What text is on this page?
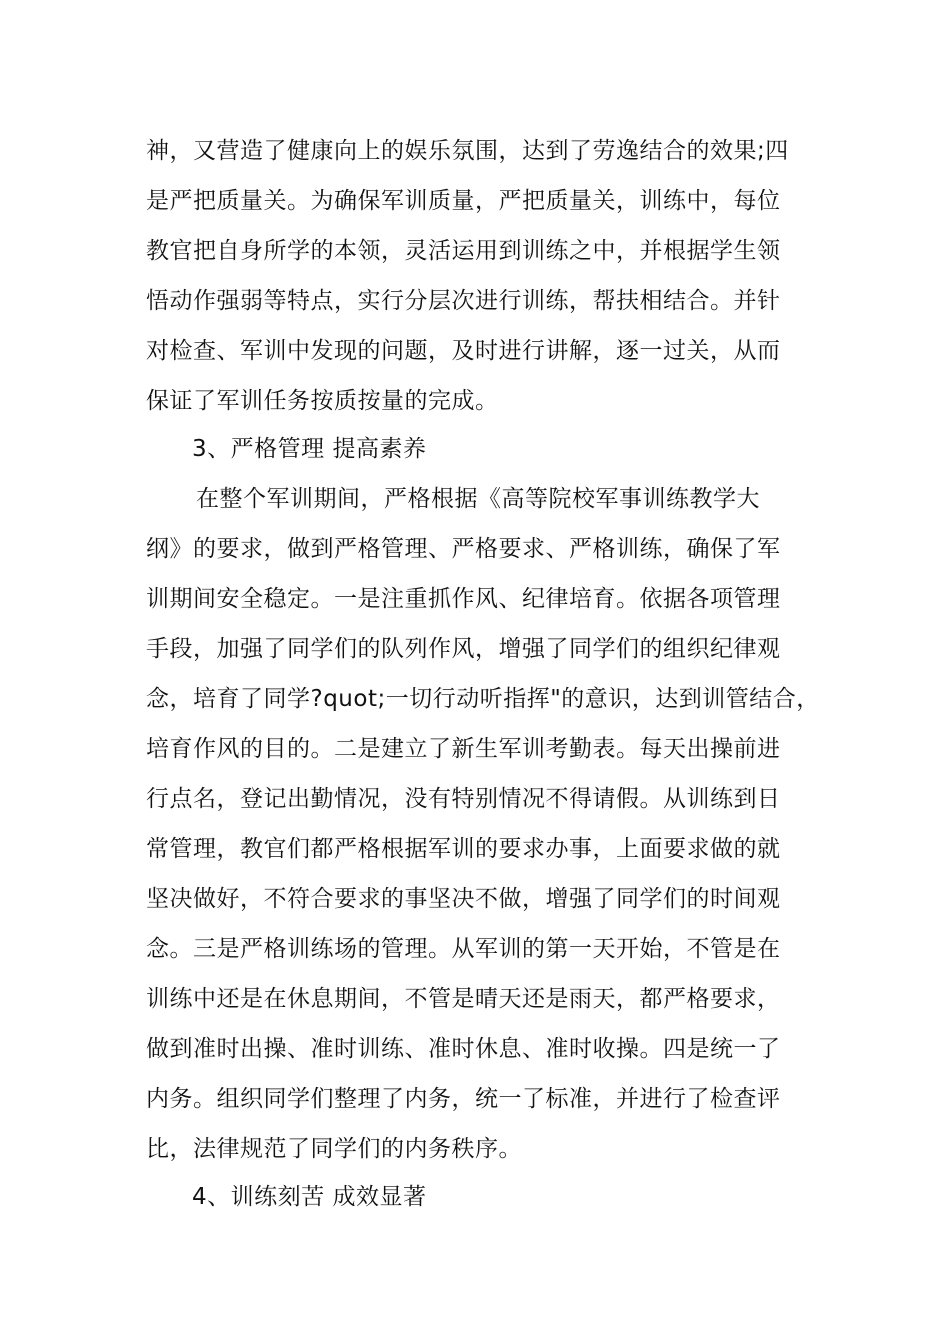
神，又营造了健康向上的娱乐氛围，达到了劳逸结合的效果;四
是严把质量关。为确保军训质量，严把质量关，训练中，每位
教官把自身所学的本领，灵活运用到训练之中，并根据学生领
悟动作强弱等特点，实行分层次进行训练，帮扶相结合。并针
对检查、军训中发现的问题，及时进行讲解，逐一过关，从而
保证了军训任务按质按量的完成。
3、严格管理 提高素养
在整个军训期间，严格根据《高等院校军事训练教学大
纲》的要求，做到严格管理、严格要求、严格训练，确保了军
训期间安全稳定。一是注重抓作风、纪律培育。依据各项管理
手段，加强了同学们的队列作风，增强了同学们的组织纪律观
念，培育了同学?quot;一切行动听指挥"的意识，达到训管结合，
培育作风的目的。二是建立了新生军训考勤表。每天出操前进
行点名，登记出勤情况，没有特别情况不得请假。从训练到日
常管理，教官们都严格根据军训的要求办事，上面要求做的就
坚决做好，不符合要求的事坚决不做，增强了同学们的时间观
念。三是严格训练场的管理。从军训的第一天开始，不管是在
训练中还是在休息期间，不管是晴天还是雨天，都严格要求，
做到准时出操、准时训练、准时休息、准时收操。四是统一了
内务。组织同学们整理了内务，统一了标准，并进行了检查评
比，法律规范了同学们的内务秩序。
4、训练刻苦 成效显著
